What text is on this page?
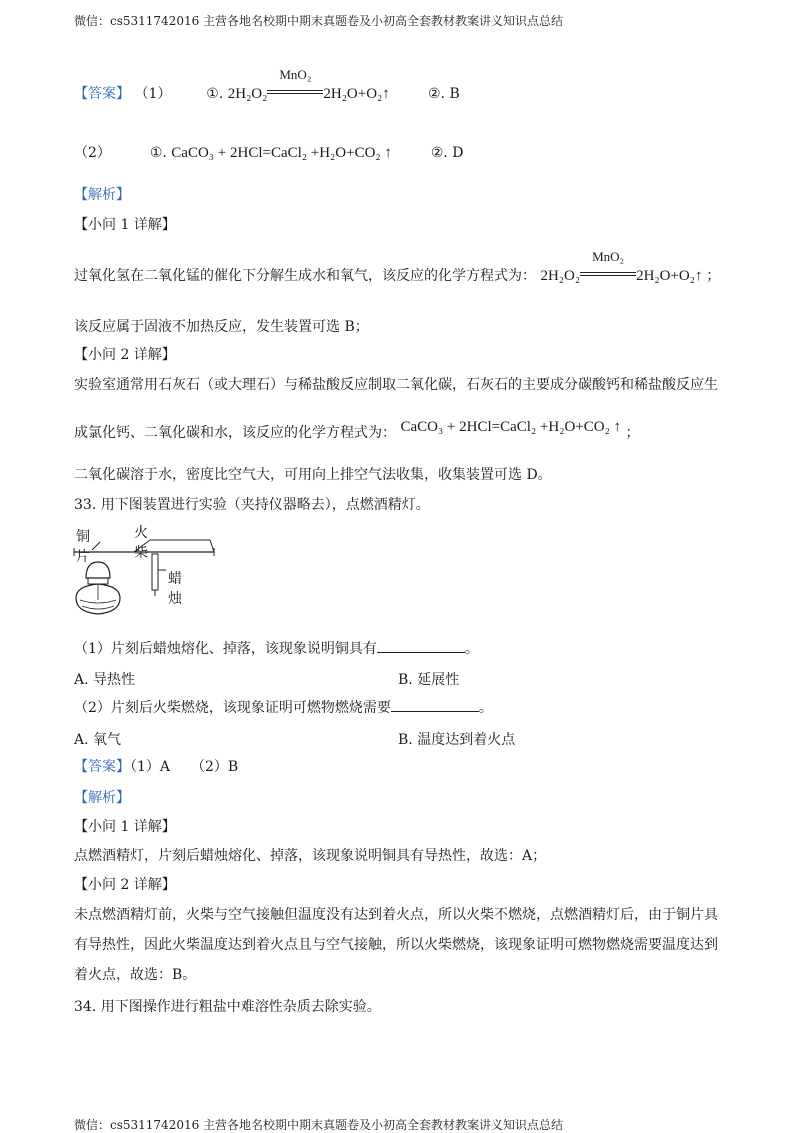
微信：cs5311742016 主营各地名校期中期末真题卷及小初高全套教材教案讲义知识点总结
【答案】 （1） ①. 2H₂O₂
MnO₂
2H₂O+O₂↑	②. B
（2）	①. CaCO₃ + 2HCl=CaCl₂ +H₂O+CO₂ ↑	②. D
【解析】
【小问 1 详解】
过氧化氢在二氧化锰的催化下分解生成水和氧气，该反应的化学方程式为： 2H₂O₂
MnO₂
2H₂O+O₂↑ ；
该反应属于固液不加热反应，发生装置可选 B；
【小问 2 详解】
实验室通常用石灰石（或大理石）与稀盐酸反应制取二氧化碳，石灰石的主要成分碳酸钙和稀盐酸反应生
成氯化钙、二氧化碳和水，该反应的化学方程式为： CaCO₃ + 2HCl=CaCl₂ +H₂O+CO₂ ↑ ；
二氧化碳溶于水，密度比空气大，可用向上排空气法收集，收集装置可选 D。
33. 用下图装置进行实验（夹持仪器略去），点燃酒精灯。
铜片
火柴
蜡烛
（1）片刻后蜡烛熔化、掉落，该现象说明铜具有	。
A. 导热性	B. 延展性
（2）片刻后火柴燃烧，该现象证明可燃物燃烧需要	。
A. 氧气	B. 温度达到着火点
【答案】（1）A　　（2）B
【解析】
【小问 1 详解】
点燃酒精灯，片刻后蜡烛熔化、掉落，该现象说明铜具有导热性，故选：A；
【小问 2 详解】
未点燃酒精灯前，火柴与空气接触但温度没有达到着火点，所以火柴不燃烧，点燃酒精灯后，由于铜片具
有导热性，因此火柴温度达到着火点且与空气接触，所以火柴燃烧，该现象证明可燃物燃烧需要温度达到
着火点，故选：B。
34. 用下图操作进行粗盐中难溶性杂质去除实验。
微信：cs5311742016 主营各地名校期中期末真题卷及小初高全套教材教案讲义知识点总结
